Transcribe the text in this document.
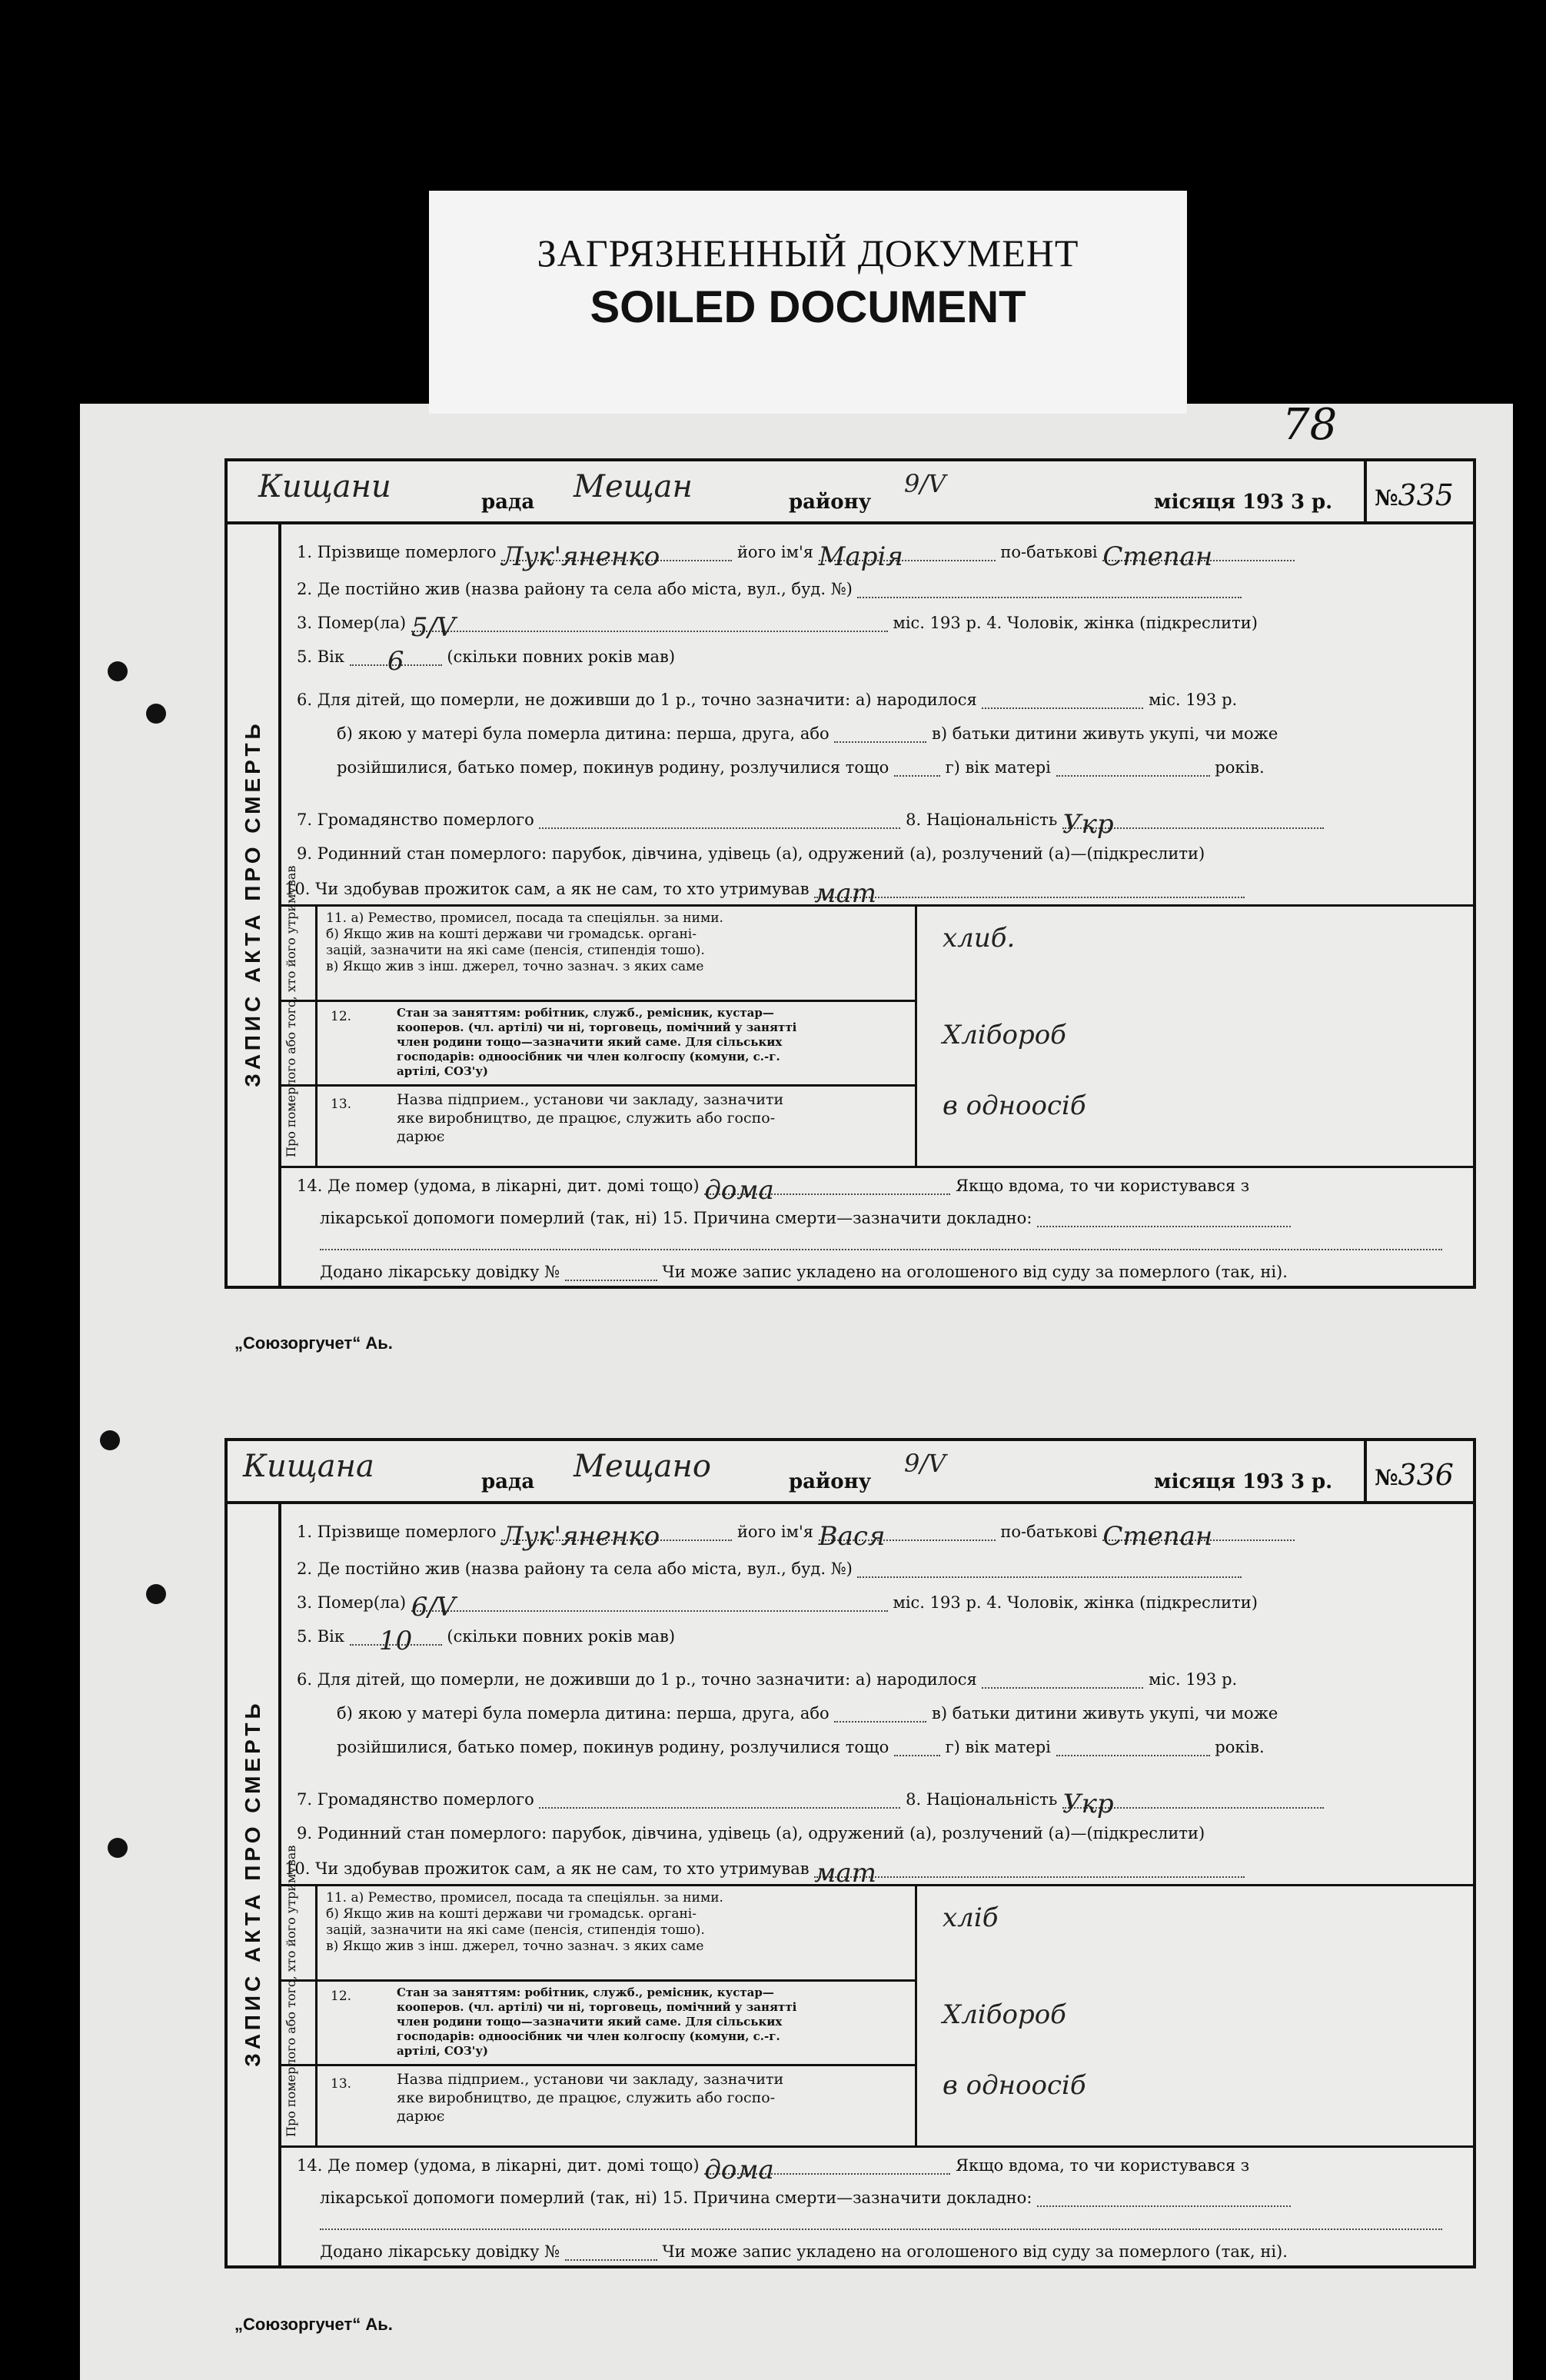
ЗАГРЯЗНЕННЫЙ ДОКУМЕНТ
SOILED DOCUMENT
78
Кищани	рада Мещан	району
9/V
місяця 193 3 р.	№335
ЗАПИС АКТА ПРО СМЕРТЬ
1. Прізвище померлого Лук'яненко	його ім'я Марія	по-батькові Степан
2. Де постійно жив (назва району та села або міста, вул., буд. №)
3. Помер(ла) 5/V	міс. 193 р. 4. Чоловік, жінка (підкреслити)
5. Вік 6	(скільки повних років мав)
6. Для дітей, що померли, не доживши до 1 р., точно зазначити: а) народилося	міс. 193 р.
б) якою у матері була померла дитина: перша, друга, або	в) батьки дитини живуть укупі, чи може
розійшилися, батько помер, покинув родину, розлучилися тощо	г) вік матері	років.
7. Громадянство померлого	8. Національність Укр
9. Родинний стан померлого: парубок, дівчина, удівець (а), одружений (а), розлучений (а)—(підкреслити)
10. Чи здобував прожиток сам, а як не сам, то хто утримував мат
Про померлого або того, хто його утримував 11. а) Ремество, промисел, посада та спеціяльн. за ними.
б) Якщо жив на коштi держави чи громадськ. органі-
зацій, зазначити на які саме (пенсія, стипендія тошо).
в) Якщо жив з інш. джерел, точно зазнач. з яких саме
хлиб.
12.	Стан за заняттям: робітник, служб., ремісник, кустар—
кооперов. (чл. артілі) чи ні, торговець, помічний у занятті
член родини тощо—зазначити який саме. Для сільських
господарів: одноосібник чи член колгоспу (комуни, с.-г.
артілі, СОЗ'у)
Хлібороб
13.	Назва підприем., установи чи закладу, зазначити
яке виробництво, де працює, служить або госпо-
дарює
в одноосіб
14. Де помер (удома, в лікарні, дит. домі тощо) дома	Якщо вдома, то чи користувався з
лікарської допомоги померлий (так, ні) 15. Причина смерти—зазначити докладно:
Додано лікарську довідку №	Чи може запис укладено на оголошеного від суду за померлого (так, ні).
„Союзоргучет“ Аь.
Кищана	рада Мещано	району
9/V
місяця 193 3 р.	№336
ЗАПИС АКТА ПРО СМЕРТЬ
1. Прізвище померлого Лук'яненко	його ім'я Вася	по-батькові Степан
2. Де постійно жив (назва району та села або міста, вул., буд. №)
3. Помер(ла) 6/V	міс. 193 р. 4. Чоловік, жінка (підкреслити)
5. Вік 10 (скільки повних років мав)
6. Для дітей, що померли, не доживши до 1 р., точно зазначити: а) народилося	міс. 193 р.
б) якою у матері була померла дитина: перша, друга, або	в) батьки дитини живуть укупі, чи може
розійшилися, батько помер, покинув родину, розлучилися тощо	г) вік матері	років.
7. Громадянство померлого	8. Національність Укр
9. Родинний стан померлого: парубок, дівчина, удівець (а), одружений (а), розлучений (а)—(підкреслити)
10. Чи здобував прожиток сам, а як не сам, то хто утримував мат
Про померлого або того, хто його утримував 11. а) Ремество, промисел, посада та спеціяльн. за ними.
б) Якщо жив на коштi держави чи громадськ. органі-
зацій, зазначити на які саме (пенсія, стипендія тошо).
в) Якщо жив з інш. джерел, точно зазнач. з яких саме
хліб
12.	Стан за заняттям: робітник, служб., ремісник, кустар—
кооперов. (чл. артілі) чи ні, торговець, помічний у занятті
член родини тощо—зазначити який саме. Для сільських
господарів: одноосібник чи член колгоспу (комуни, с.-г.
артілі, СОЗ'у)
Хлібороб
13.	Назва підприем., установи чи закладу, зазначити
яке виробництво, де працює, служить або госпо-
дарює
в одноосіб
14. Де помер (удома, в лікарні, дит. домі тощо) дома	Якщо вдома, то чи користувався з
лікарської допомоги померлий (так, ні) 15. Причина смерти—зазначити докладно:
Додано лікарську довідку №	Чи може запис укладено на оголошеного від суду за померлого (так, ні).
„Союзоргучет“ Аь.
